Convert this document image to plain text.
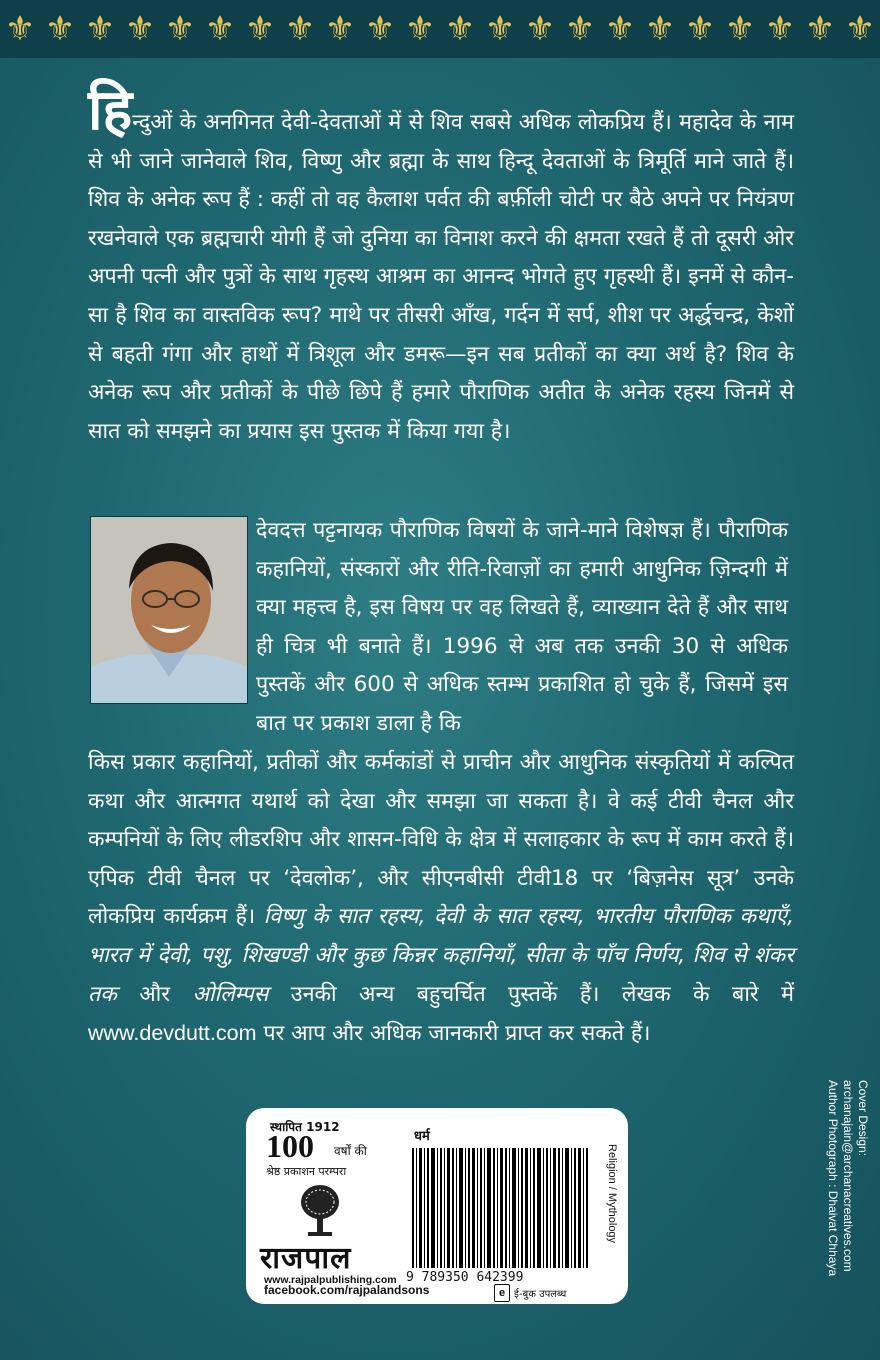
⚜ ⚜ ⚜ ⚜ ⚜ ⚜ ⚜ ⚜ ⚜ ⚜ ⚜ ⚜ ⚜ ⚜ ⚜ ⚜ ⚜ ⚜ ⚜ ⚜ ⚜ ⚜

हिन्दुओं के अनगिनत देवी-देवताओं में से शिव सबसे अधिक लोकप्रिय हैं। महादेव के नाम से भी जाने जानेवाले शिव, विष्णु और ब्रह्मा के साथ हिन्दू देवताओं के त्रिमूर्ति माने जाते हैं। शिव के अनेक रूप हैं : कहीं तो वह कैलाश पर्वत की बर्फ़ीली चोटी पर बैठे अपने पर नियंत्रण रखनेवाले एक ब्रह्मचारी योगी हैं जो दुनिया का विनाश करने की क्षमता रखते हैं तो दूसरी ओर अपनी पत्नी और पुत्रों के साथ गृहस्थ आश्रम का आनन्द भोगते हुए गृहस्थी हैं। इनमें से कौन-सा है शिव का वास्तविक रूप? माथे पर तीसरी आँख, गर्दन में सर्प, शीश पर अर्द्धचन्द्र, केशों से बहती गंगा और हाथों में त्रिशूल और डमरू—इन सब प्रतीकों का क्या अर्थ है? शिव के अनेक रूप और प्रतीकों के पीछे छिपे हैं हमारे पौराणिक अतीत के अनेक रहस्य जिनमें से सात को समझने का प्रयास इस पुस्तक में किया गया है।

देवदत्त पट्टनायक पौराणिक विषयों के जाने-माने विशेषज्ञ हैं। पौराणिक कहानियों, संस्कारों और रीति-रिवाज़ों का हमारी आधुनिक ज़िन्दगी में क्या महत्त्व है, इस विषय पर वह लिखते हैं, व्याख्यान देते हैं और साथ ही चित्र भी बनाते हैं। 1996 से अब तक उनकी 30 से अधिक पुस्तकें और 600 से अधिक स्तम्भ प्रकाशित हो चुके हैं, जिसमें इस बात पर प्रकाश डाला है कि

किस प्रकार कहानियों, प्रतीकों और कर्मकांडों से प्राचीन और आधुनिक संस्कृतियों में कल्पित कथा और आत्मगत यथार्थ को देखा और समझा जा सकता है। वे कई टीवी चैनल और कम्पनियों के लिए लीडरशिप और शासन-विधि के क्षेत्र में सलाहकार के रूप में काम करते हैं। एपिक टीवी चैनल पर ‘देवलोक’, और सीएनबीसी टीवी18 पर ‘बिज़नेस सूत्र’ उनके लोकप्रिय कार्यक्रम हैं। विष्णु के सात रहस्य, देवी के सात रहस्य, भारतीय पौराणिक कथाएँ, भारत में देवी, पशु, शिखण्डी और कुछ किन्नर कहानियाँ, सीता के पाँच निर्णय, शिव से शंकर तक और ओलिम्पस उनकी अन्य बहुचर्चित पुस्तकें हैं। लेखक के बारे में www.devdutt.com पर आप और अधिक जानकारी प्राप्त कर सकते हैं।

स्थापित 1912
100 वर्षों की
श्रेष्ठ प्रकाशन परम्परा
राजपाल
www.rajpalpublishing.com
facebook.com/rajpalandsons
धर्म
Religion / Mythology
9 789350 642399
e ई-बुक उपलब्ध
Cover Design:
archanajain@archanacreatives.com
Author Photograph : Dhaivat Chhaya
